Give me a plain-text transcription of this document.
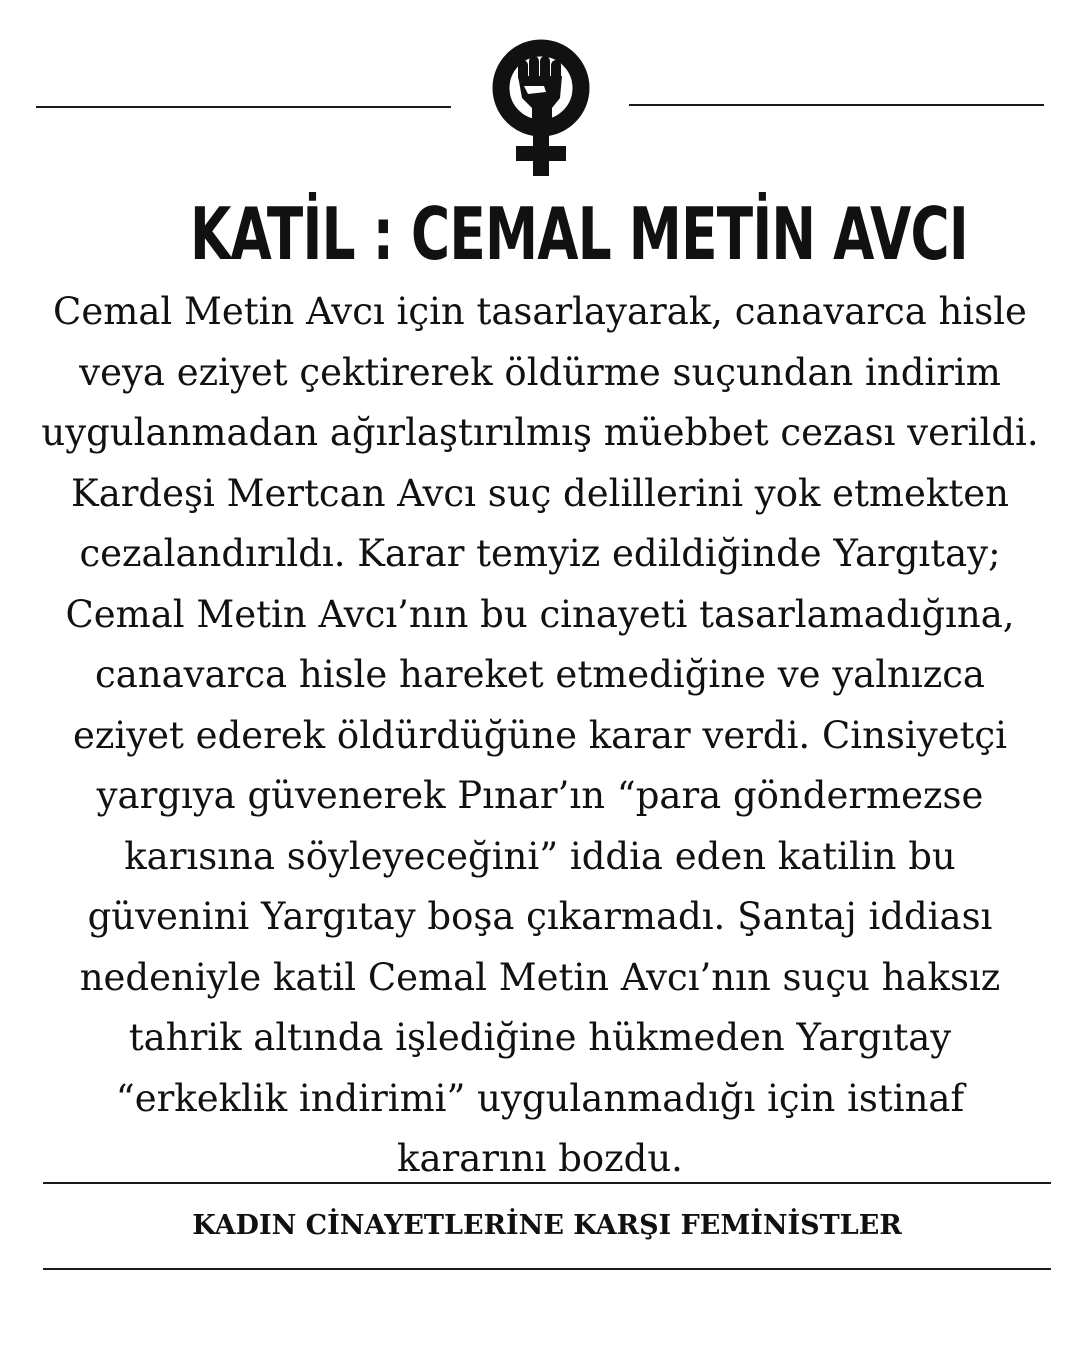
KATİL : CEMAL METİN AVCI

Cemal Metin Avcı için tasarlayarak, canavarca hisle
veya eziyet çektirerek öldürme suçundan indirim
uygulanmadan ağırlaştırılmış müebbet cezası verildi.
Kardeşi Mertcan Avcı suç delillerini yok etmekten
cezalandırıldı. Karar temyiz edildiğinde Yargıtay;
Cemal Metin Avcı’nın bu cinayeti tasarlamadığına,
canavarca hisle hareket etmediğine ve yalnızca
eziyet ederek öldürdüğüne karar verdi. Cinsiyetçi
yargıya güvenerek Pınar’ın “para göndermezse
karısına söyleyeceğini” iddia eden katilin bu
güvenini Yargıtay boşa çıkarmadı. Şantaj iddiası
nedeniyle katil Cemal Metin Avcı’nın suçu haksız
tahrik altında işlediğine hükmeden Yargıtay
“erkeklik indirimi” uygulanmadığı için istinaf
kararını bozdu.

KADIN CİNAYETLERİNE KARŞI FEMİNİSTLER
